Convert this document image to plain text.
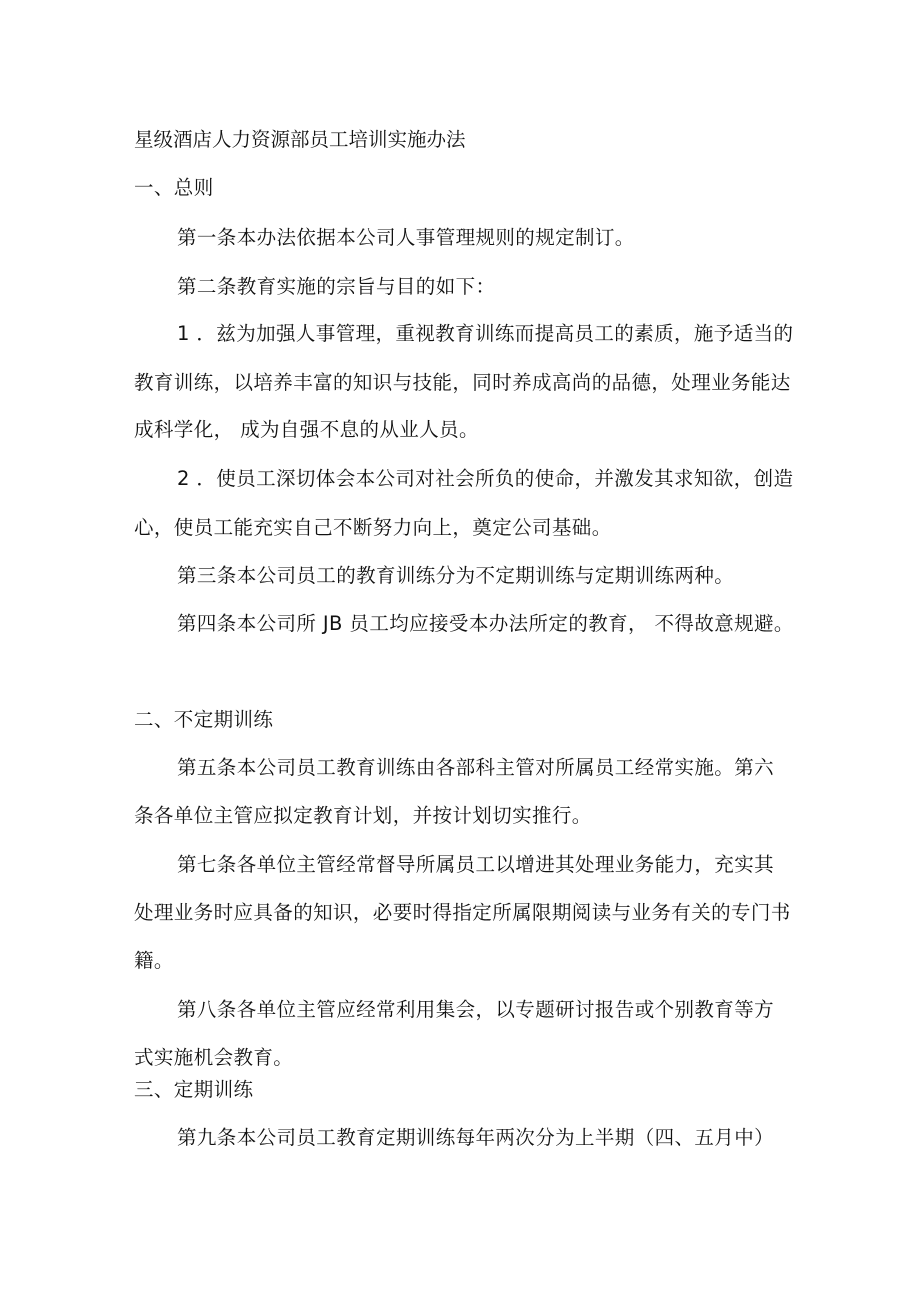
星级酒店人力资源部员工培训实施办法
一、总则
第一条本办法依据本公司人事管理规则的规定制订。
第二条教育实施的宗旨与目的如下：
1 ．兹为加强人事管理，重视教育训练而提高员工的素质，施予适当的
教育训练，以培养丰富的知识与技能，同时养成高尚的品德，处理业务能达
成科学化， 成为自强不息的从业人员。
2 ．使员工深切体会本公司对社会所负的使命，并激发其求知欲，创造
心，使员工能充实自己不断努力向上，奠定公司基础。
第三条本公司员工的教育训练分为不定期训练与定期训练两种。
第四条本公司所 JB 员工均应接受本办法所定的教育， 不得故意规避。
二、不定期训练
第五条本公司员工教育训练由各部科主管对所属员工经常实施。第六
条各单位主管应拟定教育计划，并按计划切实推行。
第七条各单位主管经常督导所属员工以增进其处理业务能力，充实其
处理业务时应具备的知识，必要时得指定所属限期阅读与业务有关的专门书
籍。
第八条各单位主管应经常利用集会，以专题研讨报告或个别教育等方
式实施机会教育。
三、定期训练
第九条本公司员工教育定期训练每年两次分为上半期（四、五月中）
